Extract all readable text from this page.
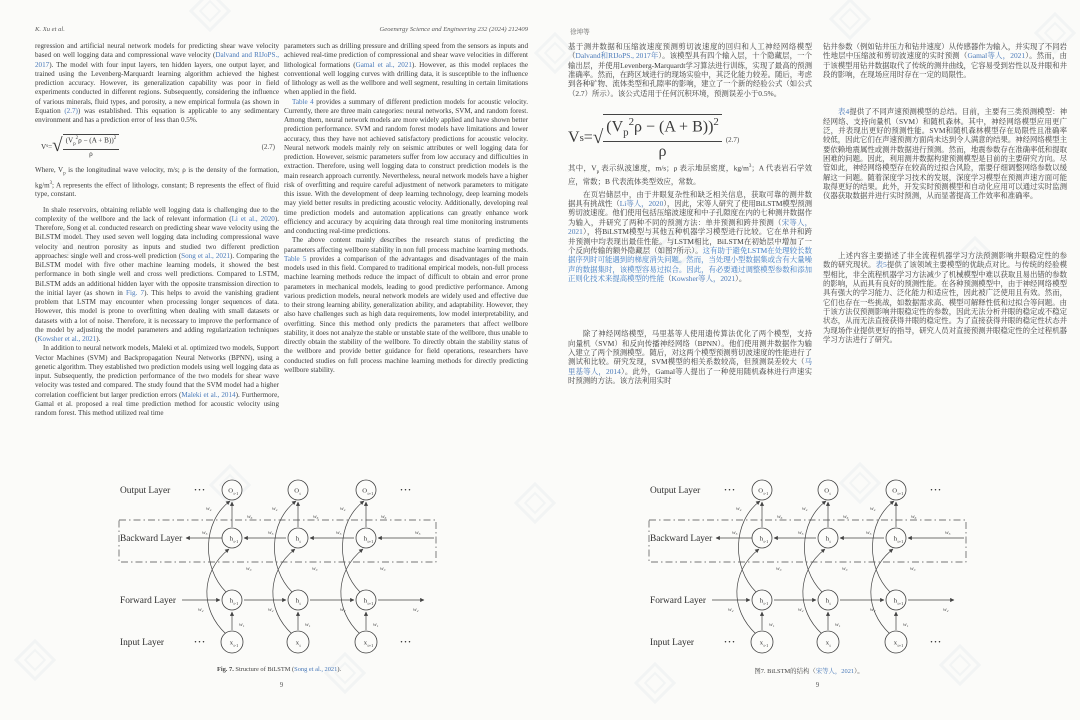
K. Xu et al.	Geoenergy Science and Engineering 232 (2024) 212409

regression and artificial neural network models for predicting shear wave velocity based on well logging data and compressional wave velocity (Dalvand and RIJoPS., 2017). The model with four input layers, ten hidden layers, one output layer, and trained using the Levenberg-Marquardt learning algorithm achieved the highest prediction accuracy. However, its generalization capability was poor in field experiments conducted in different regions. Subsequently, considering the influence of various minerals, fluid types, and porosity, a new empirical formula (as shown in Equation (2.7)) was established. This equation is applicable to any sedimentary environment and has a prediction error of less than 0.5%.

V s = √ $\frac{(V_p^2\rho - (A + B))^2}{\rho}$	(2.7)

Where, $V_p$ is the longitudinal wave velocity, m/s; ρ is the density of the formation, $kg/m^3$; A represents the effect of lithology, constant; B represents the effect of fluid type, constant.

In shale reservoirs, obtaining reliable well logging data is challenging due to the complexity of the wellbore and the lack of relevant information (Li et al., 2020). Therefore, Song et al. conducted research on predicting shear wave velocity using the BiLSTM model. They used seven well logging data including compressional wave velocity and neutron porosity as inputs and studied two different prediction approaches: single well and cross-well prediction (Song et al., 2021). Comparing the BiLSTM model with five other machine learning models, it showed the best performance in both single well and cross well predictions. Compared to LSTM, BiLSTM adds an additional hidden layer with the opposite transmission direction to the initial layer (as shown in Fig. 7). This helps to avoid the vanishing gradient problem that LSTM may encounter when processing longer sequences of data. However, this model is prone to overfitting when dealing with small datasets or datasets with a lot of noise. Therefore, it is necessary to improve the performance of the model by adjusting the model parameters and adding regularization techniques (Kowsher et al., 2021).

In addition to neural network models, Maleki et al. optimized two models, Support Vector Machines (SVM) and Backpropagation Neural Networks (BPNN), using a genetic algorithm. They established two prediction models using well logging data as input. Subsequently, the prediction performance of the two models for shear wave velocity was tested and compared. The study found that the SVM model had a higher correlation coefficient but larger prediction errors (Maleki et al., 2014). Furthermore, Gamal et al. proposed a real time prediction method for acoustic velocity using random forest. This method utilized real time

parameters such as drilling pressure and drilling speed from the sensors as inputs and achieved real-time prediction of compressional and shear wave velocities in different lithological formations (Gamal et al., 2021). However, as this model replaces the conventional well logging curves with drilling data, it is susceptible to the influence of lithology as well as the wellbore and well segment, resulting in certain limitations when applied in the field.

Table 4 provides a summary of different prediction models for acoustic velocity. Currently, there are three main categories: neural networks, SVM, and random forest. Among them, neural network models are more widely applied and have shown better prediction performance. SVM and random forest models have limitations and lower accuracy, thus they have not achieved satisfactory predictions for acoustic velocity. Neural network models mainly rely on seismic attributes or well logging data for prediction. However, seismic parameters suffer from low accuracy and difficulties in extraction. Therefore, using well logging data to construct prediction models is the main research approach currently. Nevertheless, neural network models have a higher risk of overfitting and require careful adjustment of network parameters to mitigate this issue. With the development of deep learning technology, deep learning models may yield better results in predicting acoustic velocity. Additionally, developing real time prediction models and automation applications can greatly enhance work efficiency and accuracy by acquiring data through real time monitoring instruments and conducting real-time predictions.

The above content mainly describes the research status of predicting the parameters affecting wellbore stability in non full process machine learning methods. Table 5 provides a comparison of the advantages and disadvantages of the main models used in this field. Compared to traditional empirical models, non-full process machine learning methods reduce the impact of difficult to obtain and error prone parameters in mechanical models, leading to good predictive performance. Among various prediction models, neural network models are widely used and effective due to their strong learning ability, generalization ability, and adaptability. However, they also have challenges such as high data requirements, low model interpretability, and overfitting. Since this method only predicts the parameters that affect wellbore stability, it does not analyze the stable or unstable state of the wellbore, thus unable to directly obtain the stability of the wellbore. To directly obtain the stability status of the wellbore and provide better guidance for field operations, researchers have conducted studies on full process machine learning methods for directly predicting wellbore stability.

Output Layer
Backward Layer
Forward Layer
Input Layer
···	···
···	···
O t-1	O t	O t+1
h t-1	h t	h t+1
h t-1	h t	h t+1
x t-1	x t	x t+1
w₆	w₆	w₆
w₅	w₅	w₅	w₅
w₄	w₄	w₄
w₃	w₃	w₃
w₂	w₂	w₂	w₂
w₁	w₁	w₁
Fig. 7. Structure of BiLSTM (Song et al., 2021).
9
徐坤等

基于测井数据和压缩波速度预测剪切波速度的回归和人工神经网络模型（Dalvand和RIJoPS., 2017年）。该模型具有四个输入层，十个隐藏层，一个输出层，并使用Levenberg-Marquardt学习算法进行训练，实现了最高的预测准确率。然而，在跨区域进行的现场实验中，其泛化能力较差。随后，考虑到各种矿物、流体类型和孔隙率的影响，建立了一个新的经验公式（如公式（2.7）所示）。该公式适用于任何沉积环境，预测误差小于0.5%。

V s = √ $\frac{(V_p^2\rho - (A + B))^2}{\rho} (2.7)$

其中，$V_p$ 表示纵波速度，m/s；ρ 表示地层密度，$kg/m^3$；A 代表岩石学效应，常数；B 代表流体类型效应，常数。

在页岩储层中，由于井眼复杂性和缺乏相关信息，获取可靠的测井数据具有挑战性（Li等人，2020），因此，宋等人研究了使用BiLSTM模型预测剪切波速度。他们使用包括压缩波速度和中子孔隙度在内的七种测井数据作为输入，并研究了两种不同的预测方法：单井预测和跨井预测（宋等人，2021），将BiLSTM模型与其他五种机器学习模型进行比较。它在单井和跨井预测中均表现出最佳性能。与LSTM相比，BiLSTM在初始层中增加了一个反向传输的额外隐藏层（如图7所示）。这有助于避免LSTM在处理较长数据序列时可能遇到的梯度消失问题。然而，当处理小型数据集或含有大量噪声的数据集时，该模型容易过拟合。因此，有必要通过调整模型参数和添加正则化技术来提高模型的性能（Kowsher等人，2021）。

除了神经网络模型，马里基等人使用遗传算法优化了两个模型，支持向量机（SVM）和反向传播神经网络（BPNN）。他们使用测井数据作为输入建立了两个预测模型。随后，对这两个模型预测剪切波速度的性能进行了测试和比较。研究发现，SVM模型的相关系数较高，但预测误差较大（马里基等人，2014）。此外，Gamal等人提出了一种使用随机森林进行声速实时预测的方法。该方法利用实时

钻井参数（例如钻井压力和钻井速度）从传感器作为输入，并实现了不同岩性地层中压缩波和剪切波速度的实时预测（Gamal等人，2021）。然而，由于该模型用钻井数据取代了传统的测井曲线，它容易受到岩性以及井眼和井段的影响，在现场应用时存在一定的局限性。

表4提供了不同声速预测模型的总结。目前，主要有三类预测模型：神经网络、支持向量机（SVM）和随机森林。其中，神经网络模型应用更广泛，并表现出更好的预测性能。SVM和随机森林模型存在局限性且准确率较低，因此它们在声速预测方面尚未达到令人满意的结果。神经网络模型主要依赖地震属性或测井数据进行预测。然而，地震参数存在准确率低和提取困难的问题。因此，利用测井数据构建预测模型是目前的主要研究方向。尽管如此，神经网络模型存在较高的过拟合风险，需要仔细调整网络参数以缓解这一问题。随着深度学习技术的发展，深度学习模型在预测声速方面可能取得更好的结果。此外，开发实时预测模型和自动化应用可以通过实时监测仪器获取数据并进行实时预测，从而显著提高工作效率和准确率。

上述内容主要描述了非全流程机器学习方法预测影响井眼稳定性的参数的研究现状。表5提供了该领域主要模型的优缺点对比。与传统的经验模型相比，非全流程机器学习方法减少了机械模型中难以获取且易出错的参数的影响，从而具有良好的预测性能。在各种预测模型中，由于神经网络模型具有强大的学习能力、泛化能力和适应性，因此被广泛使用且有效。然而，它们也存在一些挑战，如数据需求高、模型可解释性低和过拟合等问题。由于该方法仅预测影响井眼稳定性的参数，因此无法分析井眼的稳定或不稳定状态，从而无法直接获得井眼的稳定性。为了直接获得井眼的稳定性状态并为现场作业提供更好的指导，研究人员对直接预测井眼稳定性的全过程机器学习方法进行了研究。

Output Layer
Backward Layer
Forward Layer
Input Layer
···	···
···	···
O t-1	O t	O t+1
h t-1	h t	h t+1
h t-1	h t	h t+1
x t-1	x t	x t+1
w₆	w₆	w₆
w₅	w₅	w₅	w₅
w₄	w₄	w₄
w₃	w₃	w₃
w₂	w₂	w₂	w₂
w₁	w₁	w₁
图7. BiLSTM的结构（宋等人，2021）。
9
